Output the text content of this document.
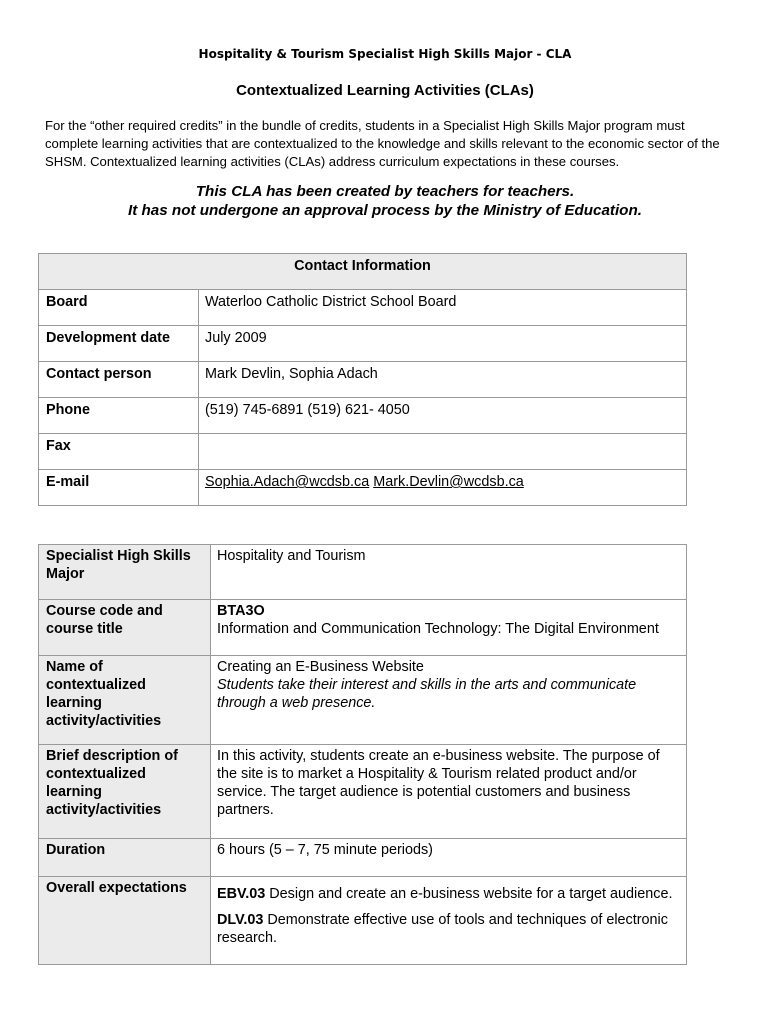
Hospitality & Tourism Specialist High Skills Major - CLA
Contextualized Learning Activities (CLAs)
For the “other required credits” in the bundle of credits, students in a Specialist High Skills Major program must complete learning activities that are contextualized to the knowledge and skills relevant to the economic sector of the SHSM. Contextualized learning activities (CLAs) address curriculum expectations in these courses.
This CLA has been created by teachers for teachers.
It has not undergone an approval process by the Ministry of Education.
Contact Information	
Board	Waterloo Catholic District School Board
Development date	July 2009
Contact person	Mark Devlin, Sophia Adach
Phone	(519) 745-6891 (519) 621- 4050
Fax	
E-mail	Sophia.Adach@wcdsb.ca Mark.Devlin@wcdsb.ca
Specialist High Skills Major	Hospitality and Tourism
Course code and course title	BTA3O
Information and Communication Technology: The Digital Environment

Name of contextualized learning activity/activities	Creating an E-Business Website
Students take their interest and skills in the arts and communicate through a web presence.

Brief description of contextualized learning activity/activities	In this activity, students create an e-business website. The purpose of the site is to market a Hospitality & Tourism related product and/or service. The target audience is potential customers and business partners.
Duration	6 hours (5 – 7, 75 minute periods)
Overall expectations	EBV.03 Design and create an e-business website for a target audience.

DLV.03 Demonstrate effective use of tools and techniques of electronic research.
